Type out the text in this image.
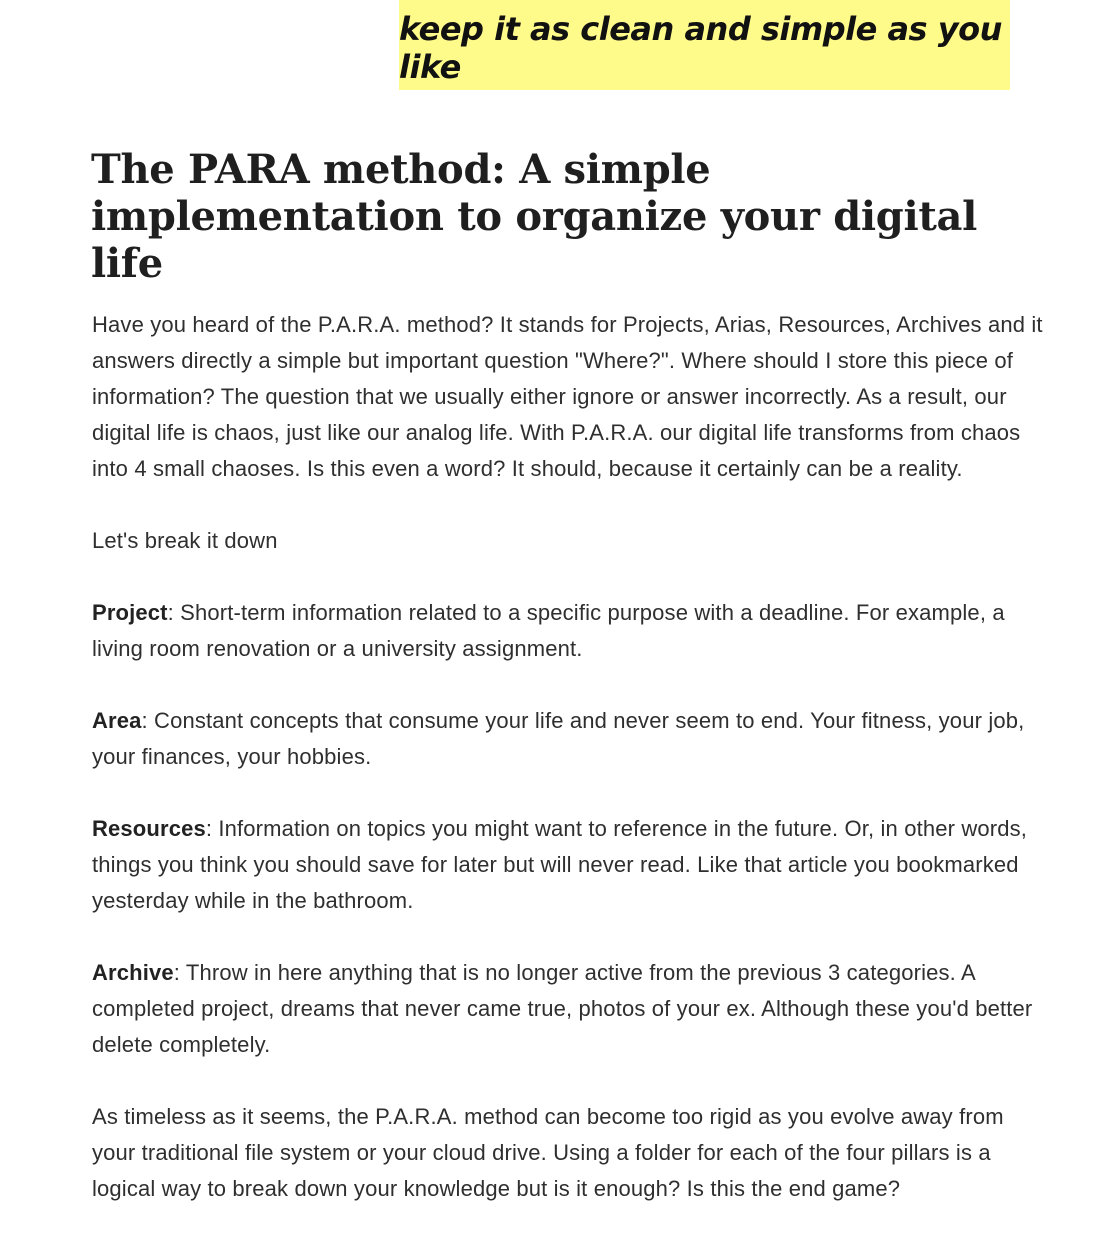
keep it as clean and simple as you like
The PARA method: A simple implementation to organize your digital life

Have you heard of the P.A.R.A. method? It stands for Projects, Arias, Resources, Archives and it answers directly a simple but important question "Where?". Where should I store this piece of information? The question that we usually either ignore or answer incorrectly. As a result, our digital life is chaos, just like our analog life. With P.A.R.A. our digital life transforms from chaos into 4 small chaoses. Is this even a word? It should, because it certainly can be a reality.

Let's break it down

Project: Short-term information related to a specific purpose with a deadline. For example, a living room renovation or a university assignment.

Area: Constant concepts that consume your life and never seem to end. Your fitness, your job, your finances, your hobbies.

Resources: Information on topics you might want to reference in the future. Or, in other words, things you think you should save for later but will never read. Like that article you bookmarked yesterday while in the bathroom.

Archive: Throw in here anything that is no longer active from the previous 3 categories. A completed project, dreams that never came true, photos of your ex. Although these you'd better delete completely.

As timeless as it seems, the P.A.R.A. method can become too rigid as you evolve away from your traditional file system or your cloud drive. Using a folder for each of the four pillars is a logical way to break down your knowledge but is it enough? Is this the end game?
